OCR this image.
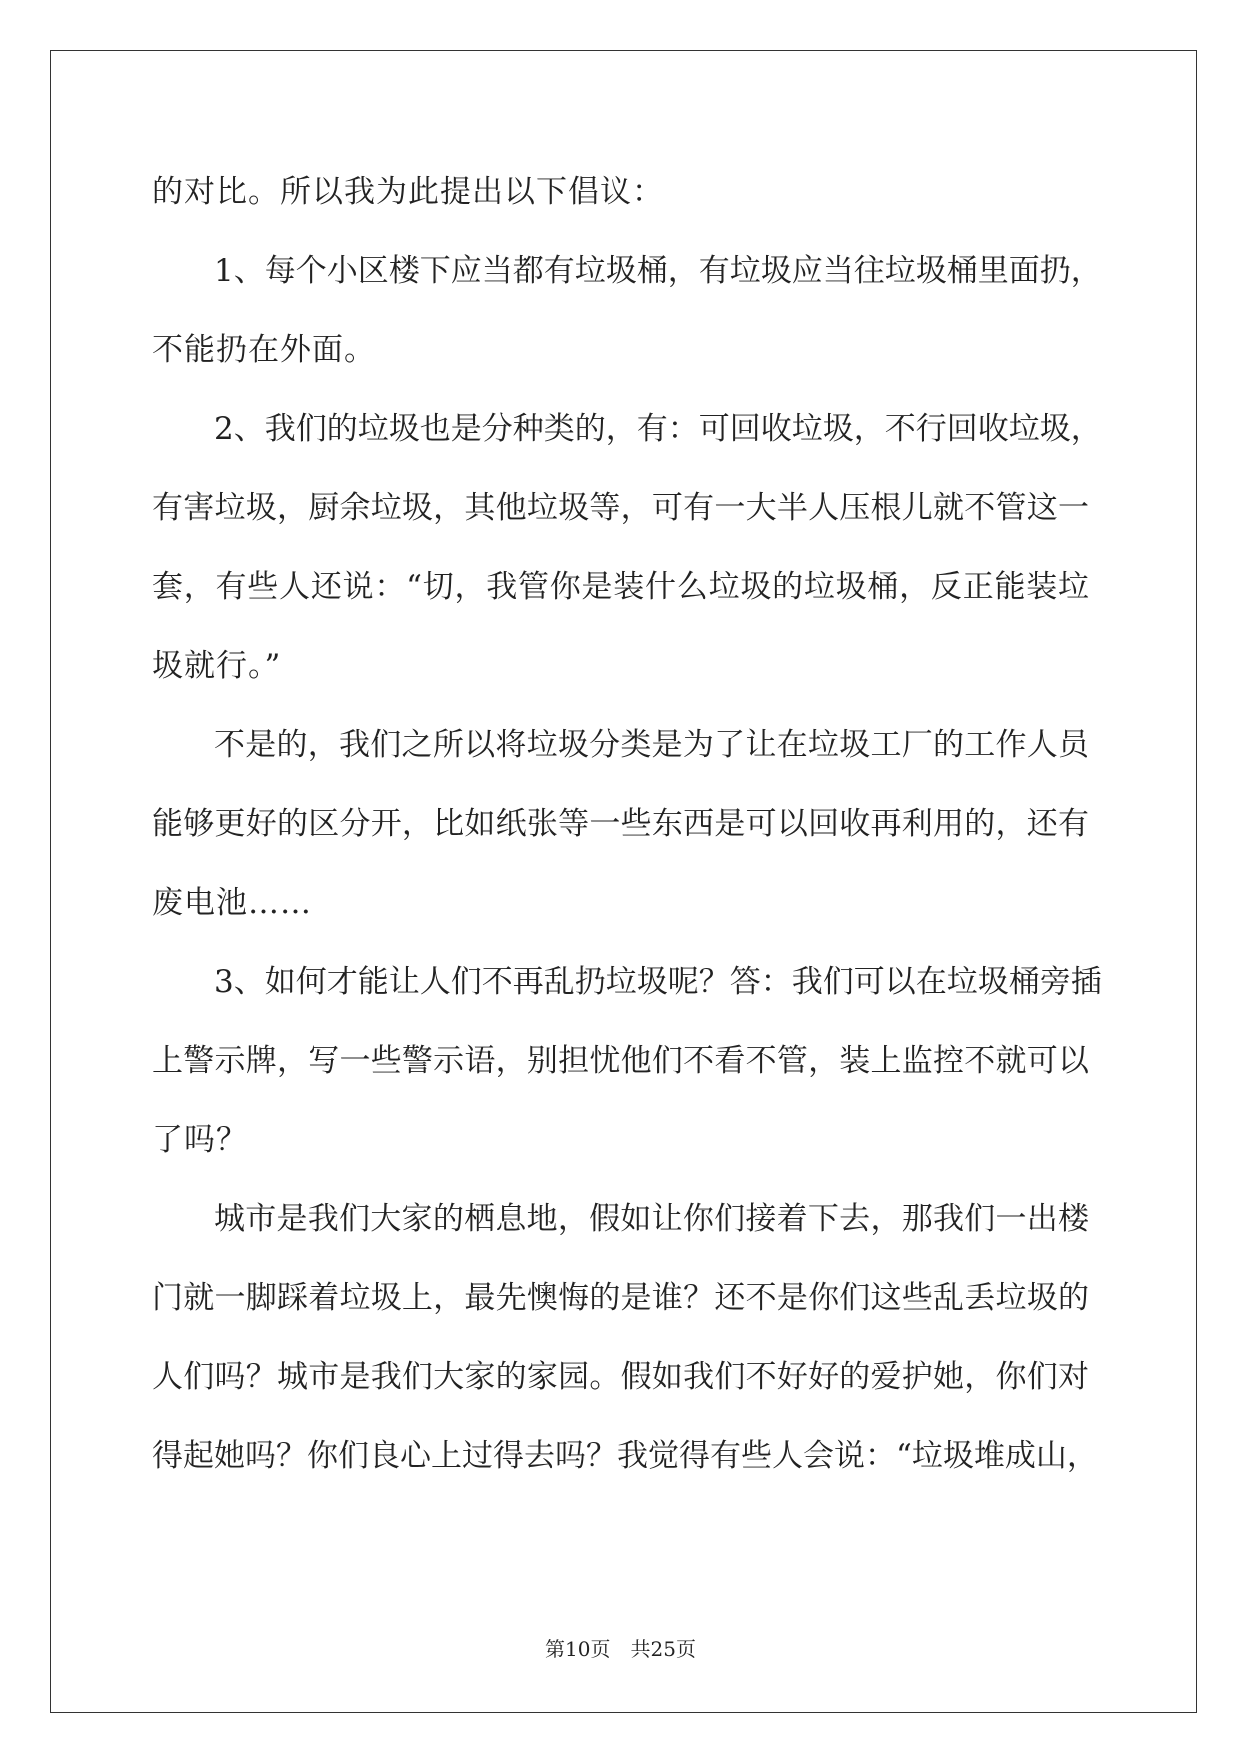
的对比。所以我为此提出以下倡议：
1、每个小区楼下应当都有垃圾桶，有垃圾应当往垃圾桶里面扔，
不能扔在外面。
2、我们的垃圾也是分种类的，有：可回收垃圾，不行回收垃圾，
有害垃圾，厨余垃圾，其他垃圾等，可有一大半人压根儿就不管这一
套，有些人还说：“切，我管你是装什么垃圾的垃圾桶，反正能装垃
圾就行。”
不是的，我们之所以将垃圾分类是为了让在垃圾工厂的工作人员
能够更好的区分开，比如纸张等一些东西是可以回收再利用的，还有
废电池……
3、如何才能让人们不再乱扔垃圾呢？答：我们可以在垃圾桶旁插
上警示牌，写一些警示语，别担忧他们不看不管，装上监控不就可以
了吗？
城市是我们大家的栖息地，假如让你们接着下去，那我们一出楼
门就一脚踩着垃圾上，最先懊悔的是谁？还不是你们这些乱丢垃圾的
人们吗？城市是我们大家的家园。假如我们不好好的爱护她，你们对
得起她吗？你们良心上过得去吗？我觉得有些人会说：“垃圾堆成山，
第10页 共25页
